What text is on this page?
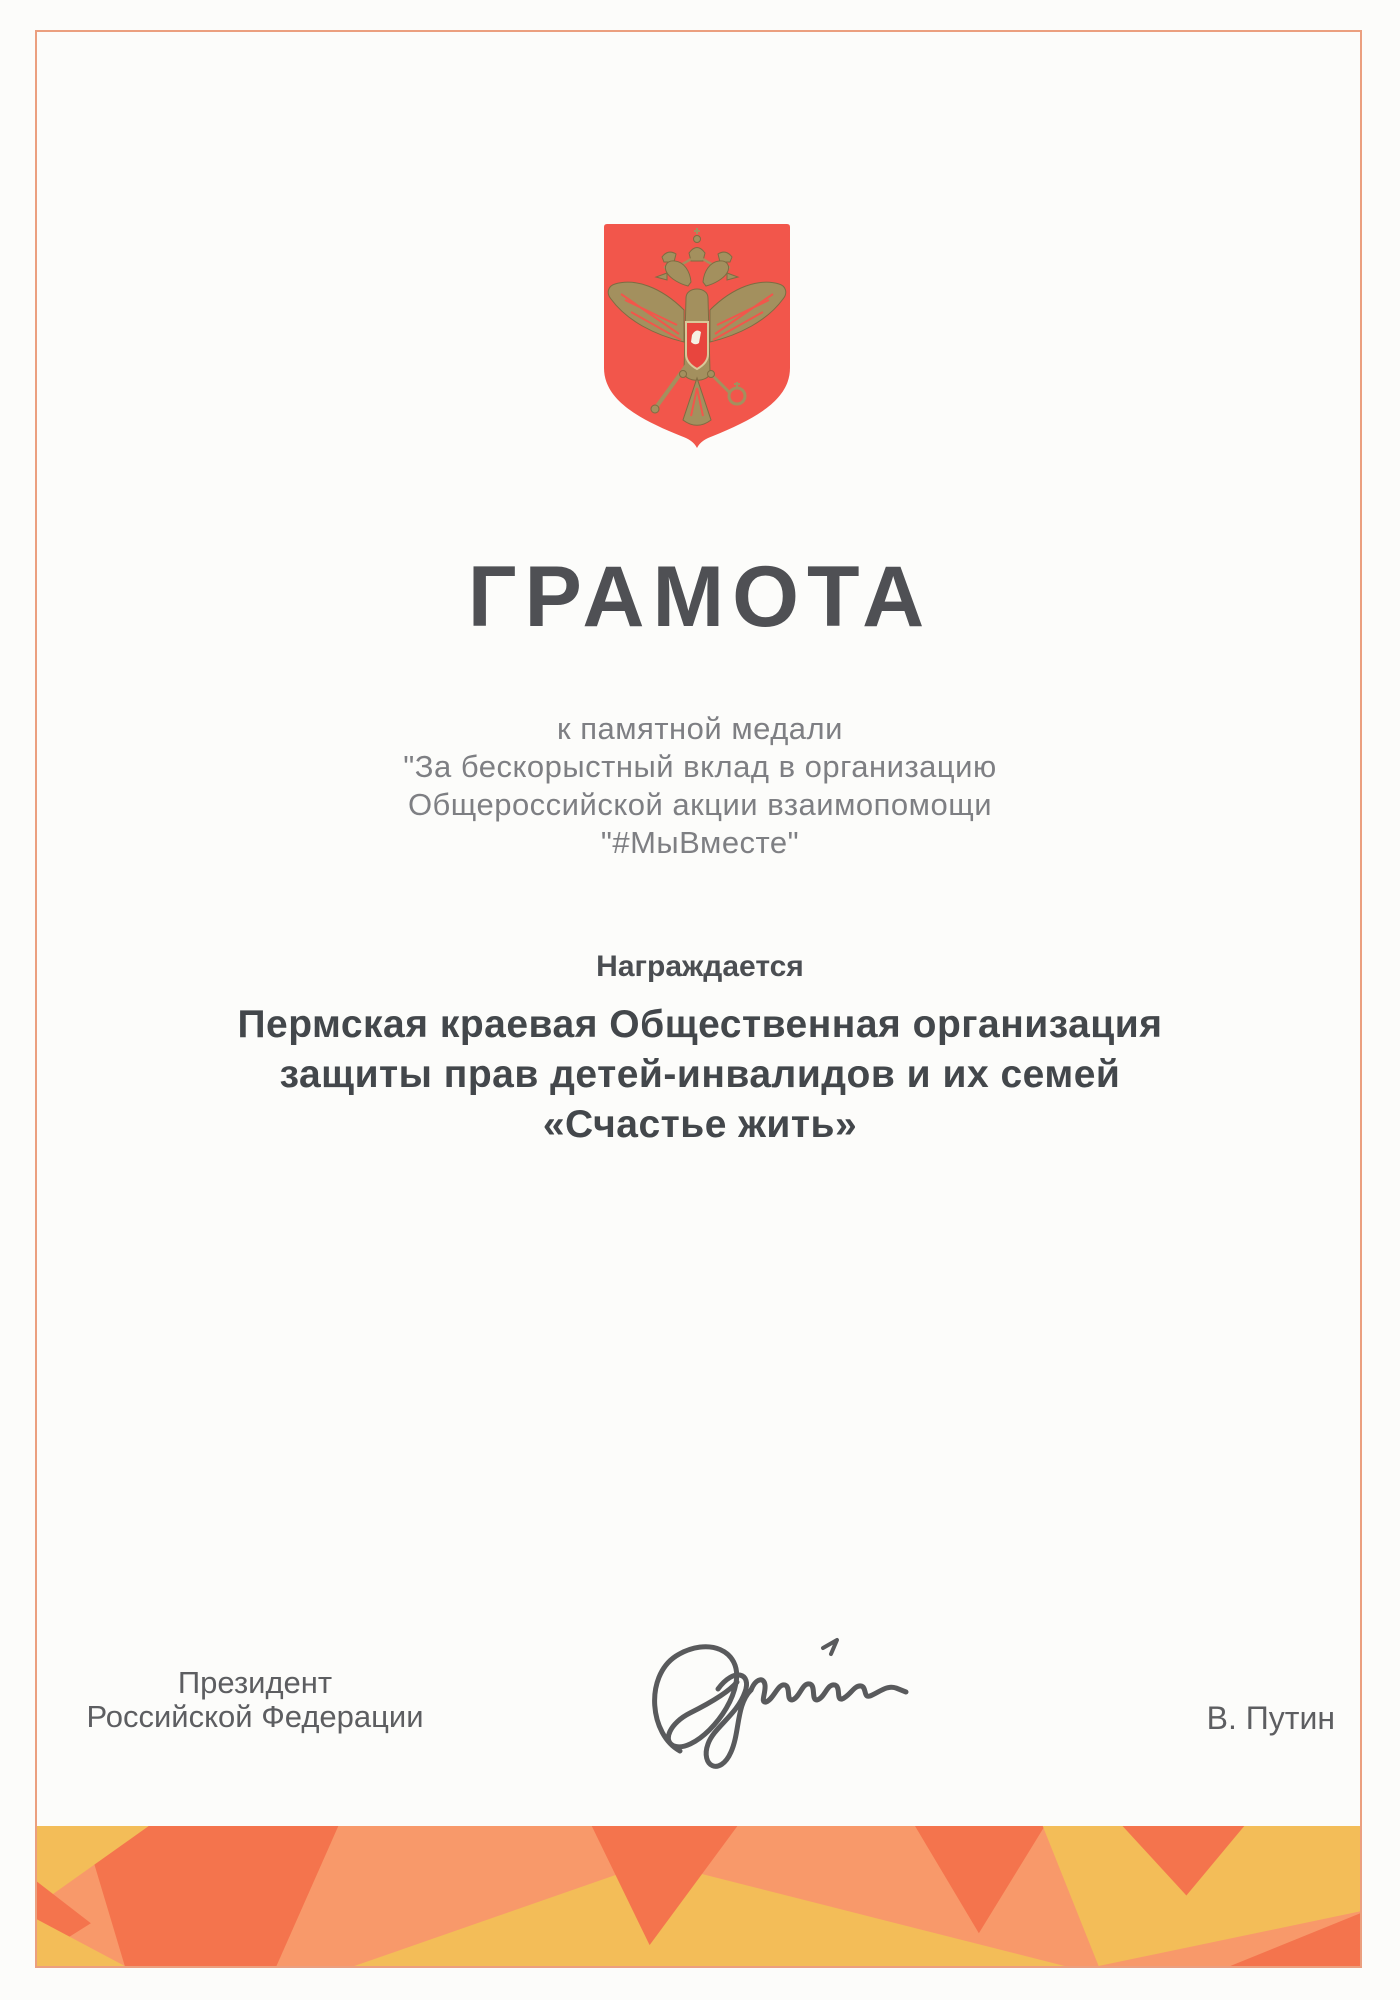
ГРАМОТА
к памятной медали
"За бескорыстный вклад в организацию
Общероссийской акции взаимопомощи
"#МыВместе"
Награждается
Пермская краевая Общественная организация
защиты прав детей-инвалидов и их семей
«Счастье жить»
Президент
Российской Федерации	В. Путин
